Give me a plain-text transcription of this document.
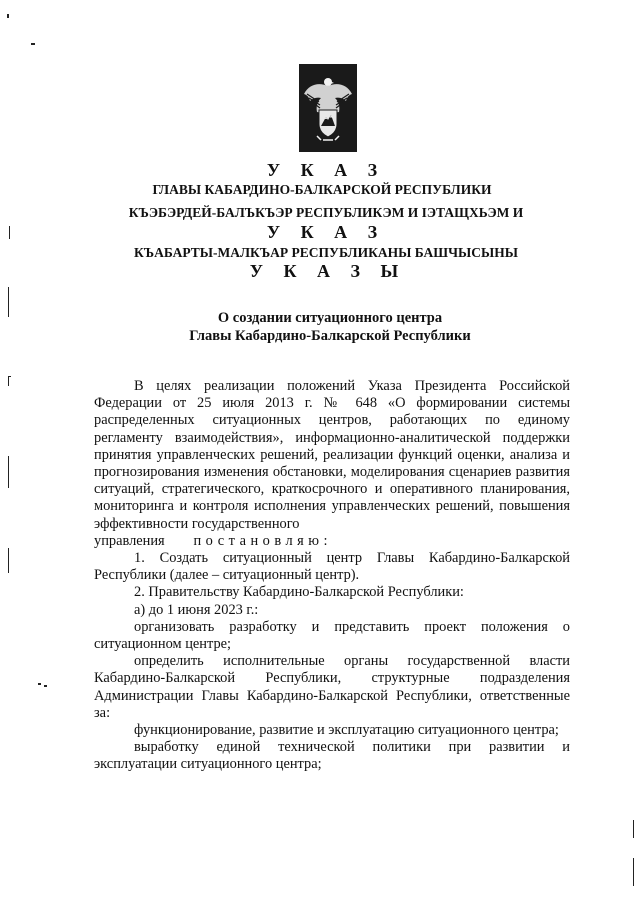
У К А З
ГЛАВЫ КАБАРДИНО-БАЛКАРСКОЙ РЕСПУБЛИКИ
КЪЭБЭРДЕЙ-БАЛЪКЪЭР РЕСПУБЛИКЭМ И IЭТАЩХЬЭМ И
У К А З
КЪАБАРТЫ-МАЛКЪАР РЕСПУБЛИКАНЫ БАШЧЫСЫНЫ
У К А З Ы
О создании ситуационного центра
Главы Кабардино-Балкарской Республики

В целях реализации положений Указа Президента Российской Федерации от 25 июля 2013 г. № 648 «О формировании системы распределенных ситуационных центров, работающих по единому регламенту взаимодействия», информационно-аналитической поддержки принятия управленческих решений, реализации функций оценки, анализа и прогнозирования изменения обстановки, моделирования сценариев развития ситуаций, стратегического, краткосрочного и оперативного планирования, мониторинга и контроля исполнения управленческих решений, повышения эффективности государственного

управления постановляю:

1. Создать ситуационный центр Главы Кабардино-Балкарской Республики (далее – ситуационный центр).

2. Правительству Кабардино-Балкарской Республики:

а) до 1 июня 2023 г.:

организовать разработку и представить проект положения о ситуационном центре;

определить исполнительные органы государственной власти Кабардино-Балкарской Республики, структурные подразделения Администрации Главы Кабардино-Балкарской Республики, ответственные за:

функционирование, развитие и эксплуатацию ситуационного центра;

выработку единой технической политики при развитии и эксплуатации ситуационного центра;
